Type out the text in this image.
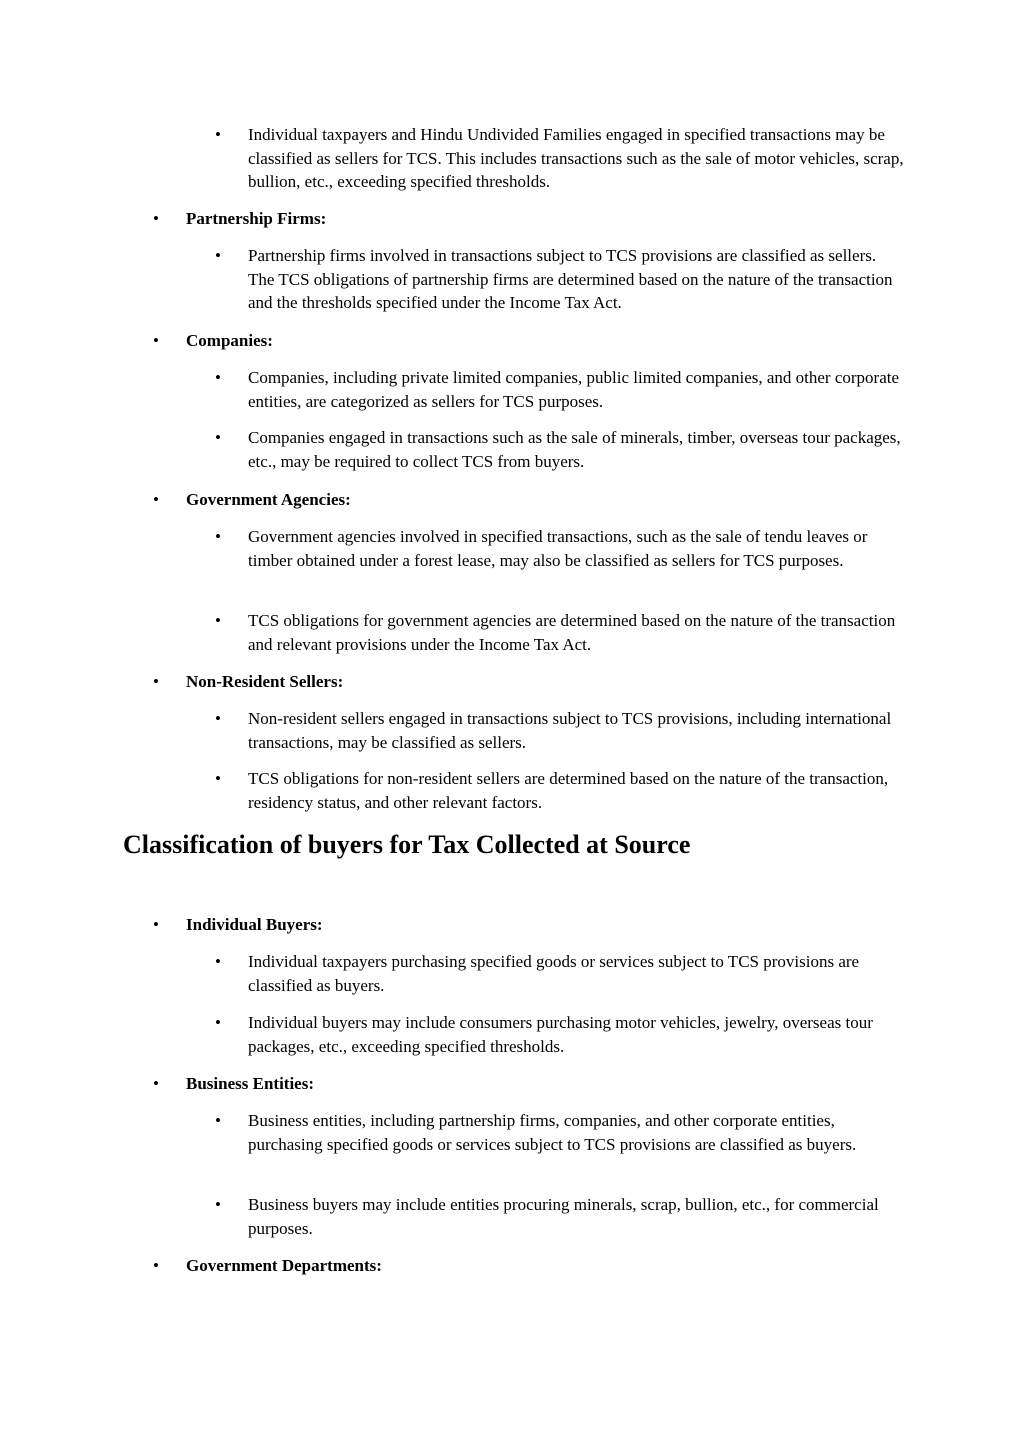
• Individual taxpayers and Hindu Undivided Families engaged in specified transactions may be classified as sellers for TCS. This includes transactions such as the sale of motor vehicles, scrap, bullion, etc., exceeding specified thresholds.

• Partnership Firms:

• Partnership firms involved in transactions subject to TCS provisions are classified as sellers. The TCS obligations of partnership firms are determined based on the nature of the transaction and the thresholds specified under the Income Tax Act.

• Companies:

• Companies, including private limited companies, public limited companies, and other corporate entities, are categorized as sellers for TCS purposes.

• Companies engaged in transactions such as the sale of minerals, timber, overseas tour packages, etc., may be required to collect TCS from buyers.

• Government Agencies:

• Government agencies involved in specified transactions, such as the sale of tendu leaves or timber obtained under a forest lease, may also be classified as sellers for TCS purposes.

• TCS obligations for government agencies are determined based on the nature of the transaction and relevant provisions under the Income Tax Act.

• Non-Resident Sellers:

• Non-resident sellers engaged in transactions subject to TCS provisions, including international transactions, may be classified as sellers.

• TCS obligations for non-resident sellers are determined based on the nature of the transaction, residency status, and other relevant factors.

Classification of buyers for Tax Collected at Source
• Individual Buyers:

• Individual taxpayers purchasing specified goods or services subject to TCS provisions are classified as buyers.

• Individual buyers may include consumers purchasing motor vehicles, jewelry, overseas tour packages, etc., exceeding specified thresholds.

• Business Entities:

• Business entities, including partnership firms, companies, and other corporate entities, purchasing specified goods or services subject to TCS provisions are classified as buyers.

• Business buyers may include entities procuring minerals, scrap, bullion, etc., for commercial purposes.

• Government Departments:
